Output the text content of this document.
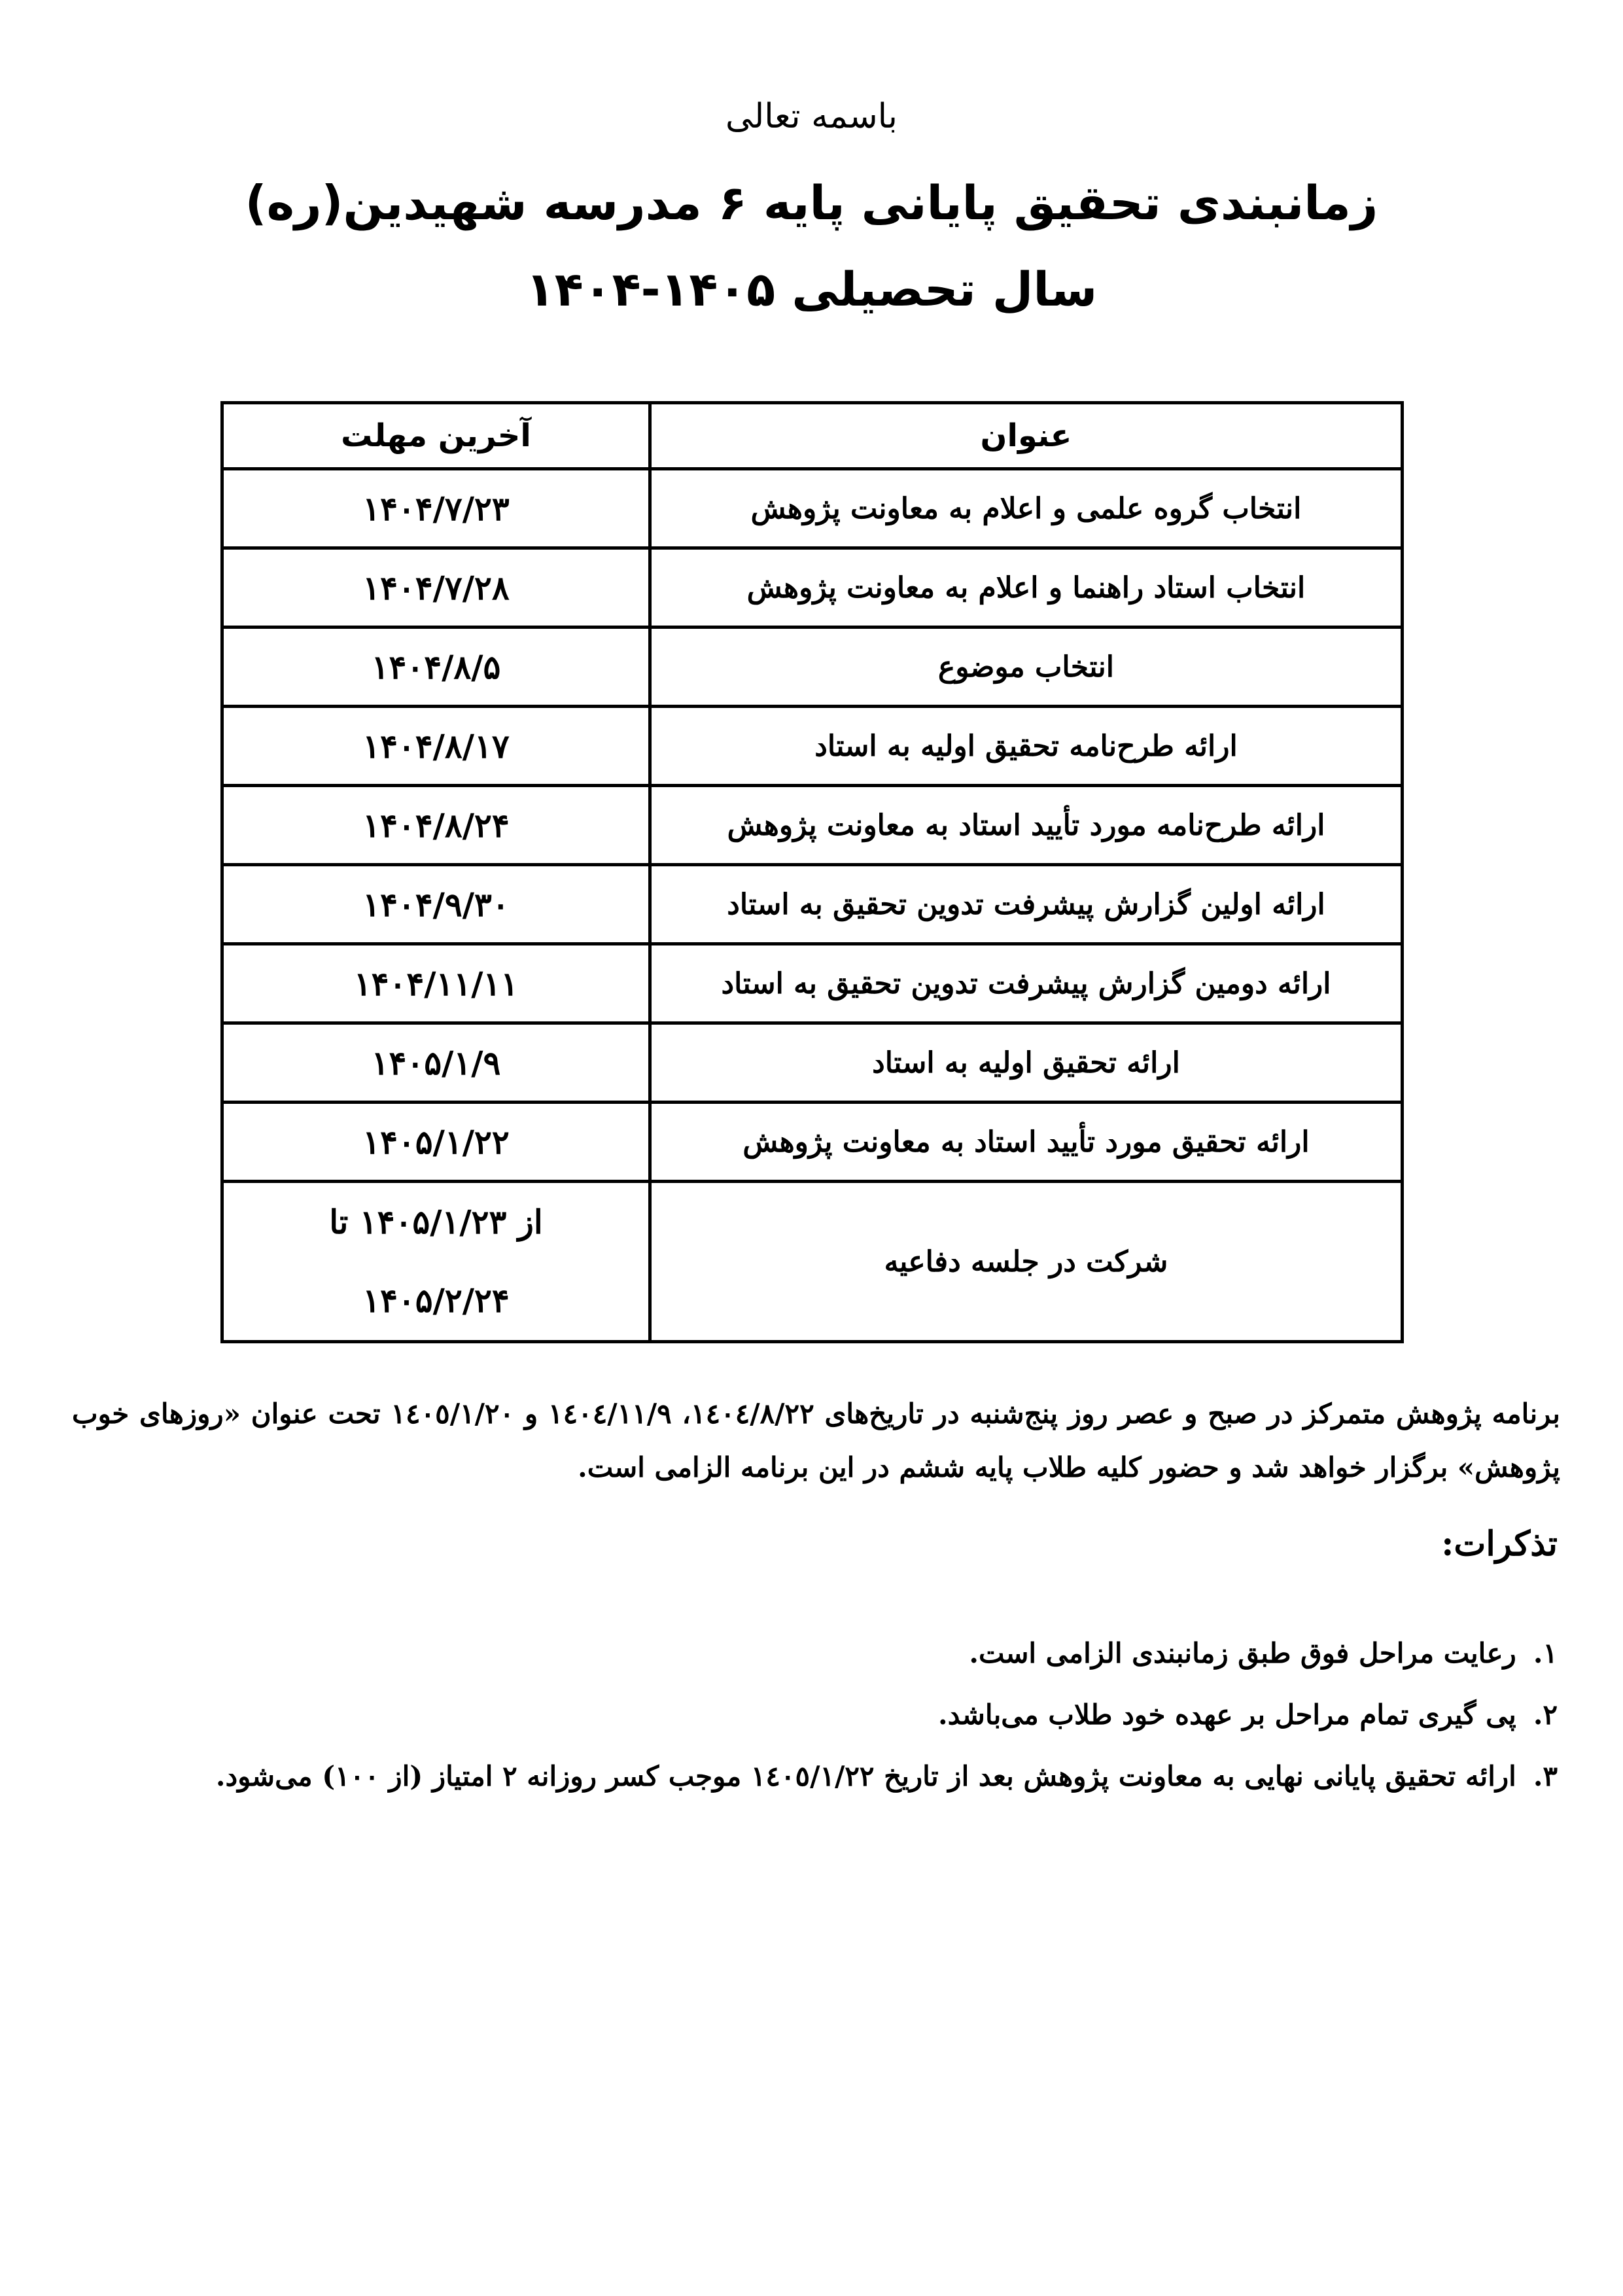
باسمه تعالی
زمانبندی تحقیق پایانی پایه ۶ مدرسه شهیدین(ره)
سال تحصیلی ۱۴۰۴-۱۴۰۵
عنوان	آخرین مهلت
انتخاب گروه علمی و اعلام به معاونت پژوهش	۱۴۰۴/۷/۲۳
انتخاب استاد راهنما و اعلام به معاونت پژوهش	۱۴۰۴/۷/۲۸
انتخاب موضوع	۱۴۰۴/۸/۵
ارائه طرح‌نامه تحقیق اولیه به استاد	۱۴۰۴/۸/۱۷
ارائه طرح‌نامه مورد تأیید استاد به معاونت پژوهش	۱۴۰۴/۸/۲۴
ارائه اولین گزارش پیشرفت تدوین تحقیق به استاد	۱۴۰۴/۹/۳۰
ارائه دومین گزارش پیشرفت تدوین تحقیق به استاد	۱۴۰۴/۱۱/۱۱
ارائه تحقیق اولیه به استاد	۱۴۰۵/۱/۹
ارائه تحقیق مورد تأیید استاد به معاونت پژوهش	۱۴۰۵/۱/۲۲
شرکت در جلسه دفاعیه	از ۱۴۰۵/۱/۲۳ تا
۱۴۰۵/۲/۲۴

برنامه پژوهش متمرکز در صبح و عصر روز پنج‌شنبه در تاریخ‌های ١٤٠٤/٨/٢٢، ١٤٠٤/١١/٩ و ١٤٠٥/١/٢٠ تحت عنوان «روزهای خوب پژوهش» برگزار خواهد شد و حضور کلیه طلاب پایه ششم در این برنامه الزامی است.

تذکرات:
۱.رعایت مراحل فوق طبق زمانبندی الزامی است.
۲.پی گیری تمام مراحل بر عهده خود طلاب می‌باشد.
۳.ارائه تحقیق پایانی نهایی به معاونت پژوهش بعد از تاریخ ١٤٠٥/١/٢٢ موجب کسر روزانه ۲ امتیاز (از ۱۰۰) می‌شود.
